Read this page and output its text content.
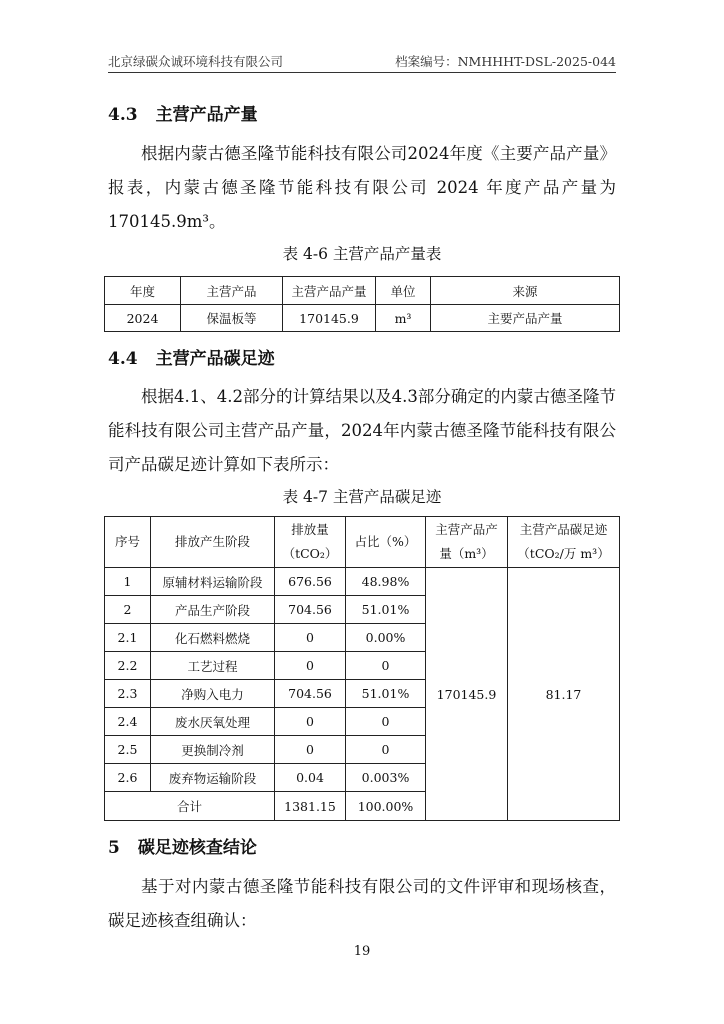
北京绿碳众诚环境科技有限公司	档案编号：NMHHHT-DSL-2025-044
4.3 主营产品产量
根据内蒙古德圣隆节能科技有限公司2024年度《主要产品产量》报表，内蒙古德圣隆节能科技有限公司 2024 年度产品产量为170145.9m³。
表 4-6 主营产品产量表
年度	主营产品	主营产品产量	单位	来源
2024	保温板等	170145.9	m³	主要产品产量
4.4 主营产品碳足迹
根据4.1、4.2部分的计算结果以及4.3部分确定的内蒙古德圣隆节能科技有限公司主营产品产量，2024年内蒙古德圣隆节能科技有限公司产品碳足迹计算如下表所示：
表 4-7 主营产品碳足迹
序号	排放产生阶段	排放量（tCO₂）	占比（%）	主营产品产量（m³）	主营产品碳足迹（tCO₂/万 m³）
1	原辅材料运输阶段	676.56	48.98%	170145.9	81.17
2	产品生产阶段	704.56	51.01%		
2.1	化石燃料燃烧	0	0.00%		
2.2	工艺过程	0	0		
2.3	净购入电力	704.56	51.01%		
2.4	废水厌氧处理	0	0		
2.5	更换制冷剂	0	0		
2.6	废弃物运输阶段	0.04	0.003%		
合计		1381.15	100.00%		
5 碳足迹核查结论
基于对内蒙古德圣隆节能科技有限公司的文件评审和现场核查，碳足迹核查组确认：
19
